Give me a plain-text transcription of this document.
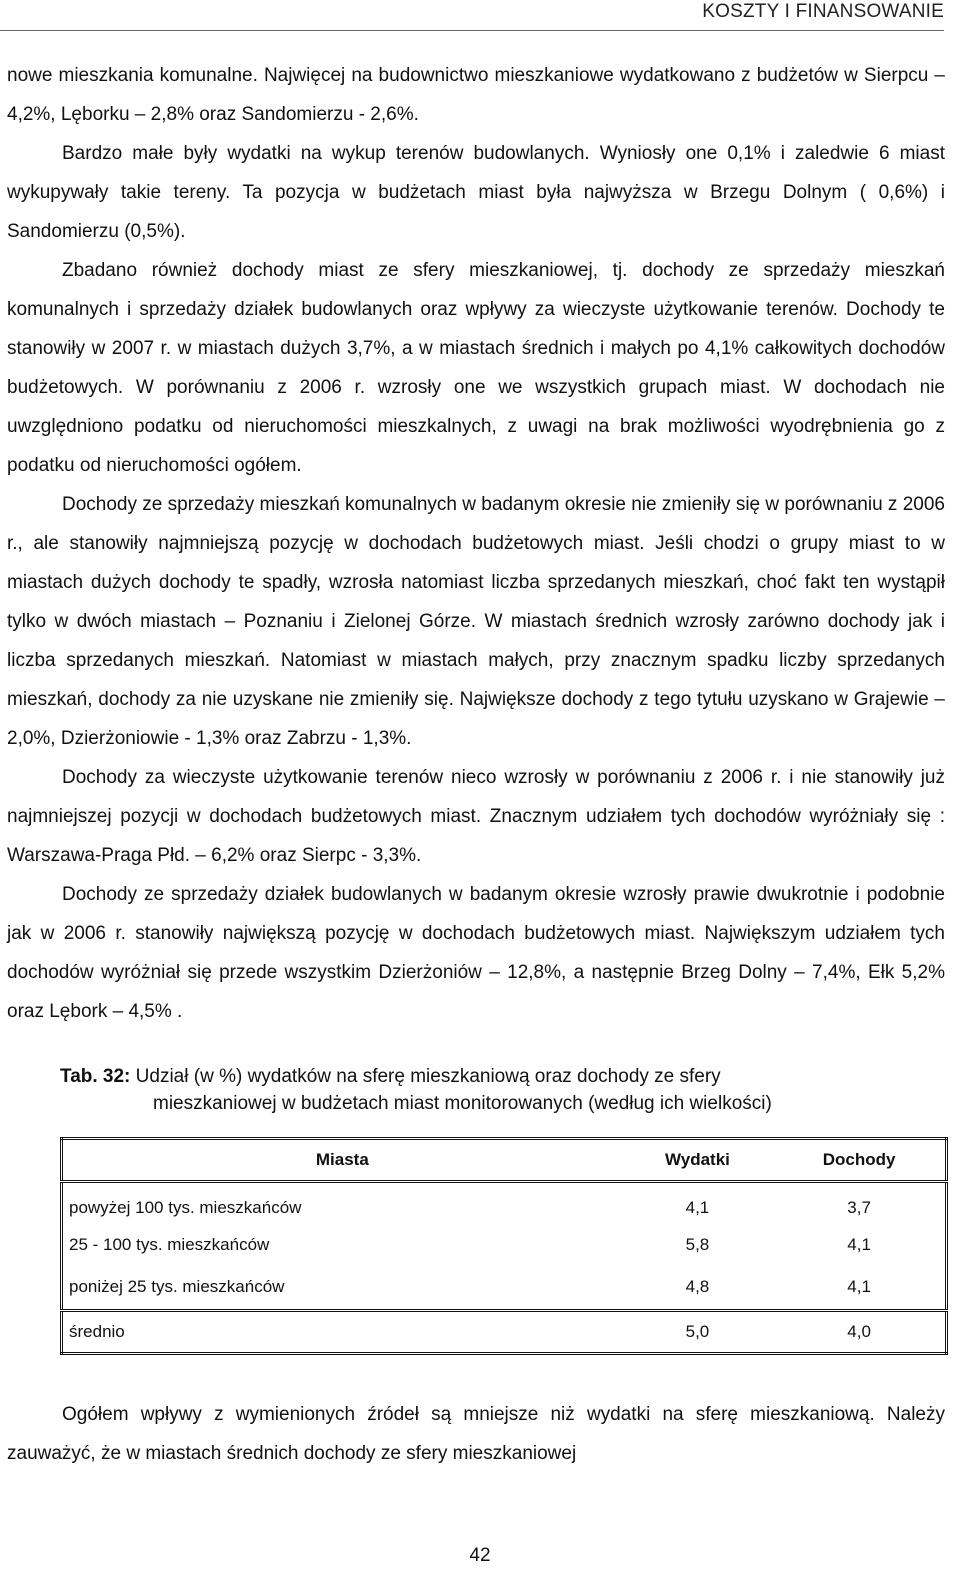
KOSZTY I FINANSOWANIE

nowe mieszkania komunalne. Najwięcej na budownictwo mieszkaniowe wydatkowano z budżetów w Sierpcu – 4,2%, Lęborku – 2,8% oraz Sandomierzu - 2,6%.

Bardzo małe były wydatki na wykup terenów budowlanych. Wyniosły one 0,1% i zaledwie 6 miast wykupywały takie tereny. Ta pozycja w budżetach miast była najwyższa w Brzegu Dolnym ( 0,6%) i Sandomierzu (0,5%).

Zbadano również dochody miast ze sfery mieszkaniowej, tj. dochody ze sprzedaży mieszkań komunalnych i sprzedaży działek budowlanych oraz wpływy za wieczyste użytkowanie terenów. Dochody te stanowiły w 2007 r. w miastach dużych 3,7%, a w miastach średnich i małych po 4,1% całkowitych dochodów budżetowych. W porównaniu z 2006 r. wzrosły one we wszystkich grupach miast. W dochodach nie uwzględniono podatku od nieruchomości mieszkalnych, z uwagi na brak możliwości wyodrębnienia go z podatku od nieruchomości ogółem.

Dochody ze sprzedaży mieszkań komunalnych w badanym okresie nie zmieniły się w porównaniu z 2006 r., ale stanowiły najmniejszą pozycję w dochodach budżetowych miast. Jeśli chodzi o grupy miast to w miastach dużych dochody te spadły, wzrosła natomiast liczba sprzedanych mieszkań, choć fakt ten wystąpił tylko w dwóch miastach – Poznaniu i Zielonej Górze. W miastach średnich wzrosły zarówno dochody jak i liczba sprzedanych mieszkań. Natomiast w miastach małych, przy znacznym spadku liczby sprzedanych mieszkań, dochody za nie uzyskane nie zmieniły się. Największe dochody z tego tytułu uzyskano w Grajewie – 2,0%, Dzierżoniowie - 1,3% oraz Zabrzu - 1,3%.

Dochody za wieczyste użytkowanie terenów nieco wzrosły w porównaniu z 2006 r. i nie stanowiły już najmniejszej pozycji w dochodach budżetowych miast. Znacznym udziałem tych dochodów wyróżniały się : Warszawa-Praga Płd. – 6,2% oraz Sierpc - 3,3%.

Dochody ze sprzedaży działek budowlanych w badanym okresie wzrosły prawie dwukrotnie i podobnie jak w 2006 r. stanowiły największą pozycję w dochodach budżetowych miast. Największym udziałem tych dochodów wyróżniał się przede wszystkim Dzierżoniów – 12,8%, a następnie Brzeg Dolny – 7,4%, Ełk 5,2% oraz Lębork – 4,5% .

Tab. 32: Udział (w %) wydatków na sferę mieszkaniową oraz dochody ze sfery
mieszkaniowej w budżetach miast monitorowanych (według ich wielkości)
Miasta	Wydatki	Dochody
powyżej 100 tys. mieszkańców	4,1	3,7
25 - 100 tys. mieszkańców	5,8	4,1
poniżej 25 tys. mieszkańców	4,8	4,1
średnio	5,0	4,0

Ogółem wpływy z wymienionych źródeł są mniejsze niż wydatki na sferę mieszkaniową. Należy zauważyć, że w miastach średnich dochody ze sfery mieszkaniowej

42
